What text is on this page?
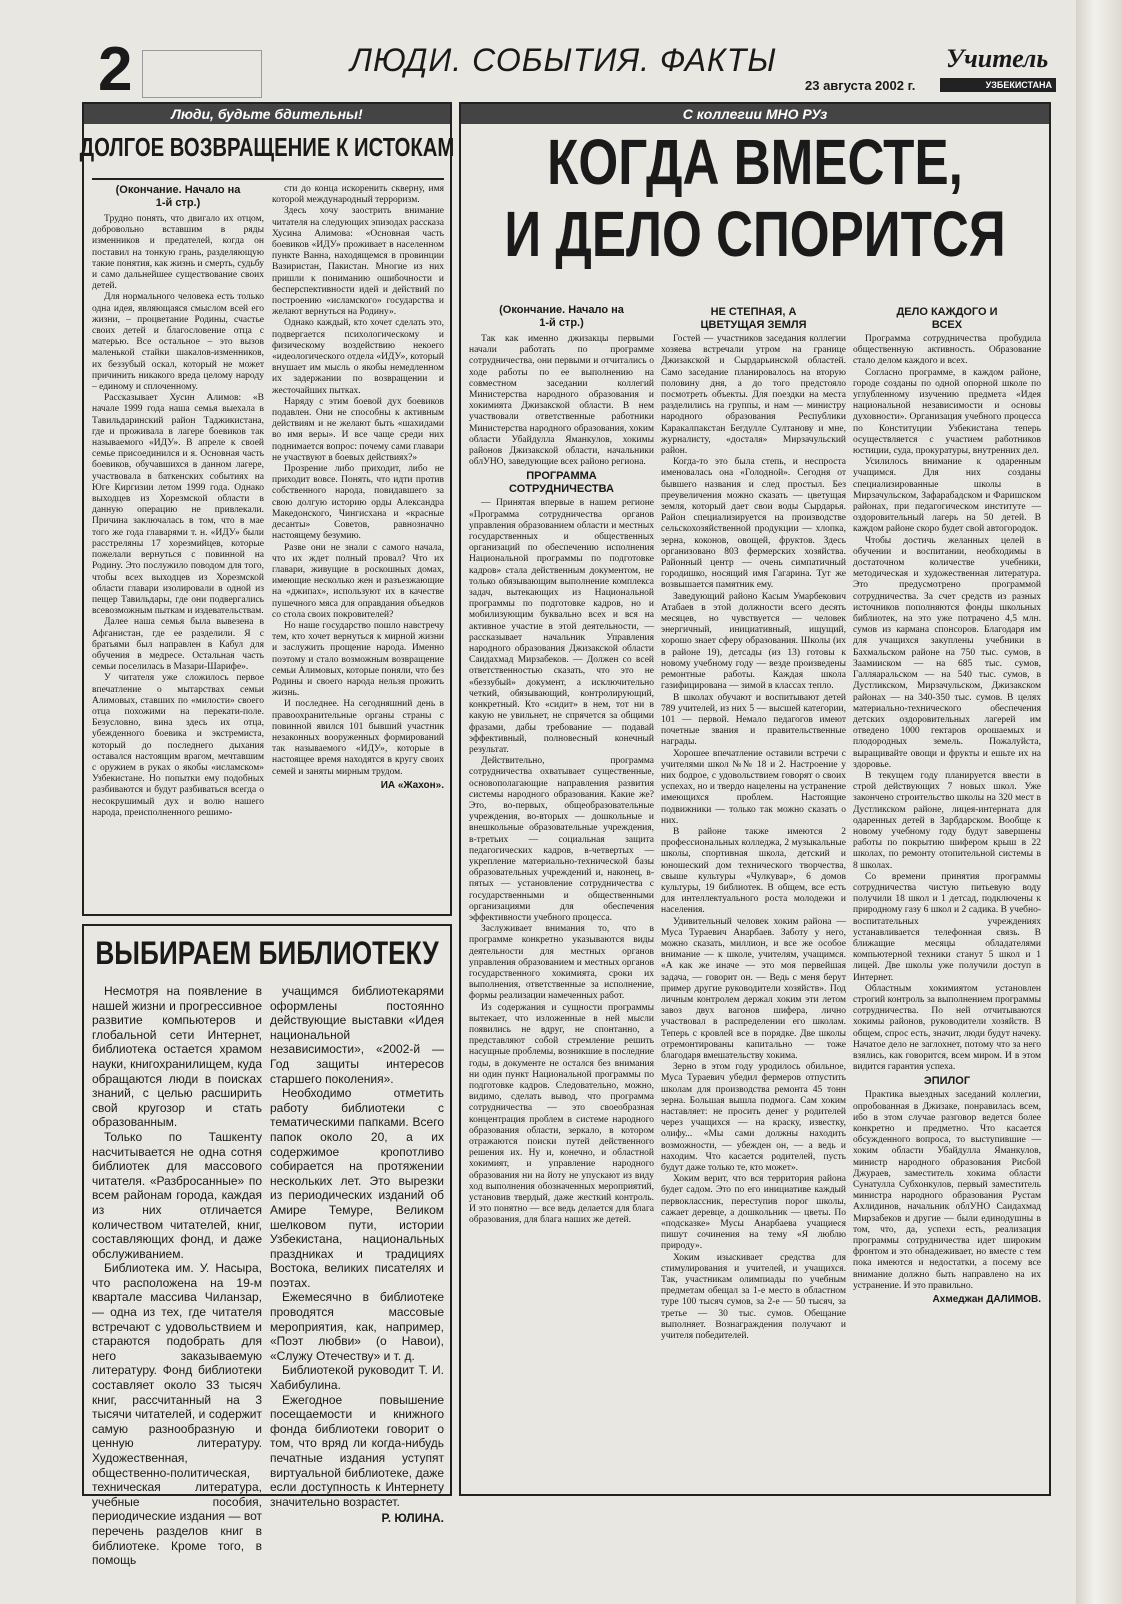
2	ЛЮДИ. СОБЫТИЯ. ФАКТЫ
23 августа 2002 г.
Учитель
УЗБЕКИСТАНА
Люди, будьте бдительны!
ДОЛГОЕ ВОЗВРАЩЕНИЕ К ИСТОКАМ
(Окончание. Начало на 1-й стр.)

Трудно понять, что двигало их отцом, добровольно вставшим в ряды изменников и предателей, когда он поставил на тонкую грань, разделяющую такие понятия, как жизнь и смерть, судьбу и само дальнейшее существование своих детей.

Для нормального человека есть только одна идея, являющаяся смыслом всей его жизни, – процветание Родины, счастье своих детей и благословение отца с матерью. Все остальное – это вызов маленькой стайки шакалов-изменников, их беззубый оскал, который не может причинить никакого вреда целому народу – единому и сплоченному.

Рассказывает Хусин Алимов: «В начале 1999 года наша семья выехала в Тавильдаринский район Таджикистана, где и проживала в лагере боевиков так называемого «ИДУ». В апреле к своей семье присоединился и я. Основная часть боевиков, обучавшихся в данном лагере, участвовала в баткенских событиях на Юге Киргизии летом 1999 года. Однако выходцев из Хорезмской области в данную операцию не привлекали. Причина заключалась в том, что в мае того же года главарями т. н. «ИДУ» были расстреляны 17 хорезмийцев, которые пожелали вернуться с повинной на Родину. Это послужило поводом для того, чтобы всех выходцев из Хорезмской области главари изолировали в одной из пещер Тавильдары, где они подвергались всевозможным пыткам и издевательствам.

Далее наша семья была вывезена в Афганистан, где ее разделили. Я с братьями был направлен в Кабул для обучения в медресе. Остальная часть семьи поселилась в Мазари-Шарифе».

У читателя уже сложилось первое впечатление о мытарствах семьи Алимовых, ставших по «милости» своего отца похожими на перекати-поле. Безусловно, вина здесь их отца, убежденного боевика и экстремиста, который до последнего дыхания оставался настоящим врагом, мечтавшим с оружием в руках о якобы «исламском» Узбекистане. Но попытки ему подобных разбиваются и будут разбиваться всегда о несокрушимый дух и волю нашего народа, преисполненного решимо-

сти до конца искоренить скверну, имя которой международный терроризм.

Здесь хочу заострить внимание читателя на следующих эпизодах рассказа Хусина Алимова: «Основная часть боевиков «ИДУ» проживает в населенном пункте Ванна, находящемся в провинции Вазиристан, Пакистан. Многие из них пришли к пониманию ошибочности и бесперспективности идей и действий по построению «исламского» государства и желают вернуться на Родину».

Однако каждый, кто хочет сделать это, подвергается психологическому и физическому воздействию некоего «идеологического отдела «ИДУ», который внушает им мысль о якобы немедленном их задержании по возвращении и жесточайших пытках.

Наряду с этим боевой дух боевиков подавлен. Они не способны к активным действиям и не желают быть «шахидами во имя веры». И все чаще среди них поднимается вопрос: почему сами главари не участвуют в боевых действиях?»

Прозрение либо приходит, либо не приходит вовсе. Понять, что идти против собственного народа, повидавшего за свою долгую историю орды Александра Македонского, Чингисхана и «красные десанты» Советов, равнозначно настоящему безумию.

Разве они не знали с самого начала, что их ждет полный провал? Что их главари, живущие в роскошных домах, имеющие несколько жен и разъезжающие на «джипах», используют их в качестве пушечного мяса для оправдания объедков со стола своих покровителей?

Но наше государство пошло навстречу тем, кто хочет вернуться к мирной жизни и заслужить прощение народа. Именно поэтому и стало возможным возвращение семьи Алимовых, которые поняли, что без Родины и своего народа нельзя прожить жизнь.

И последнее. На сегодняшний день в правоохранительные органы страны с повинной явился 101 бывший участник незаконных вооруженных формирований так называемого «ИДУ», которые в настоящее время находятся в кругу своих семей и заняты мирным трудом.

ИА «Жахон».
ВЫБИРАЕМ БИБЛИОТЕКУ

Несмотря на появление в нашей жизни и прогрессивное развитие компьютеров и глобальной сети Интернет, библиотека остается храмом науки, книгохранилищем, куда обращаются люди в поисках знаний, с целью расширить свой кругозор и стать образованным.

Только по Ташкенту насчитывается не одна сотня библиотек для массового читателя. «Разбросанные» по всем районам города, каждая из них отличается количеством читателей, книг, составляющих фонд, и даже обслуживанием.

Библиотека им. У. Насыра, что расположена на 19-м квартале массива Чиланзар, — одна из тех, где читателя встречают с удовольствием и стараются подобрать для него заказываемую литературу. Фонд библиотеки составляет около 33 тысяч книг, рассчитанный на 3 тысячи читателей, и содержит самую разнообразную и ценную литературу. Художественная, общественно-политическая, техническая литература, учебные пособия, периодические издания — вот перечень разделов книг в библиотеке. Кроме того, в помощь

учащимся библиотекарями оформлены постоянно действующие выставки «Идея национальной независимости», «2002-й — Год защиты интересов старшего поколения».

Необходимо отметить работу библиотеки с тематическими папками. Всего папок около 20, а их содержимое кропотливо собирается на протяжении нескольких лет. Это вырезки из периодических изданий об Амире Темуре, Великом шелковом пути, истории Узбекистана, национальных праздниках и традициях Востока, великих писателях и поэтах.

Ежемесячно в библиотеке проводятся массовые мероприятия, как, например, «Поэт любви» (о Навои), «Служу Отечеству» и т. д.

Библиотекой руководит Т. И. Хабибулина.

Ежегодное повышение посещаемости и книжного фонда библиотеки говорит о том, что вряд ли когда-нибудь печатные издания уступят виртуальной библиотеке, даже если доступность к Интернету значительно возрастет.

Р. ЮЛИНА.
С коллегии МНО РУз
КОГДА ВМЕСТЕ,
И ДЕЛО СПОРИТСЯ
(Окончание. Начало на 1-й стр.)

Так как именно джизакцы первыми начали работать по программе сотрудничества, они первыми и отчитались о ходе работы по ее выполнению на совместном заседании коллегий Министерства народного образования и хокимията Джизакской области. В нем участвовали ответственные работники Министерства народного образования, хоким области Убайдулла Яманкулов, хокимы районов Джизакской области, начальники облУНО, заведующие всех районо региона.

ПРОГРАММА СОТРУДНИЧЕСТВА

— Принятая впервые в нашем регионе «Программа сотрудничества органов управления образованием области и местных государственных и общественных организаций по обеспечению исполнения Национальной программы по подготовке кадров» стала действенным документом, не только обязывающим выполнение комплекса задач, вытекающих из Национальной программы по подготовке кадров, но и мобилизующим буквально всех и вся на активное участие в этой деятельности, — рассказывает начальник Управления народного образования Джизакской области Саидахмад Мирзабеков. — Должен со всей ответственностью сказать, что это не «беззубый» документ, а исключительно четкий, обязывающий, контролирующий, конкретный. Кто «сидит» в нем, тот ни в какую не увильнет, не спрячется за общими фразами, дабы требование — подавай эффективный, полновесный конечный результат.

Действительно, программа сотрудничества охватывает существенные, основополагающие направления развития системы народного образования. Какие же? Это, во-первых, общеобразовательные учреждения, во-вторых — дошкольные и внешкольные образовательные учреждения, в-третьих — социальная защита педагогических кадров, в-четвертых — укрепление материально-технической базы образовательных учреждений и, наконец, в-пятых — установление сотрудничества с государственными и общественными организациями для обеспечения эффективности учебного процесса.

Заслуживает внимания то, что в программе конкретно указываются виды деятельности для местных органов управления образованием и местных органов государственного хокимията, сроки их выполнения, ответственные за исполнение, формы реализации намеченных работ.

Из содержания и сущности программы вытекает, что изложенные в ней мысли появились не вдруг, не спонтанно, а представляют собой стремление решить насущные проблемы, возникшие в последние годы, в документе не остался без внимания ни один пункт Национальной программы по подготовке кадров. Следовательно, можно, видимо, сделать вывод, что программа сотрудничества — это своеобразная концентрация проблем в системе народного образования области, зеркало, в котором отражаются поиски путей действенного решения их. Ну и, конечно, и областной хокимият, и управление народного образования ни на йоту не упускают из виду ход выполнения обозначенных мероприятий, установив твердый, даже жесткий контроль. И это понятно — все ведь делается для блага образования, для блага наших же детей.

НЕ СТЕПНАЯ, А ЦВЕТУЩАЯ ЗЕМЛЯ

Гостей — участников заседания коллегии хозяева встречали утром на границе Джизакской и Сырдарьинской областей. Само заседание планировалось на вторую половину дня, а до того предстояло посмотреть объекты. Для поездки на места разделились на группы, и нам — министру народного образования Республики Каракалпакстан Бегдулле Султанову и мне, журналисту, «досталя» Мирзачульский район.

Когда-то это была степь, и неспроста именовалась она «Голодной». Сегодня от бывшего названия и след простыл. Без преувеличения можно сказать — цветущая земля, который дает свои воды Сырдарья. Район специализируется на производстве сельскохозяйственной продукции — хлопка, зерна, коконов, овощей, фруктов. Здесь организовано 803 фермерских хозяйства. Районный центр — очень симпатичный городишко, носящий имя Гагарина. Тут же возвышается памятник ему.

Заведующий районо Касым Умарбекович Атабаев в этой должности всего десять месяцев, но чувствуется — человек энергичный, инициативный, ищущий, хорошо знает сферу образования. Школы (их в районе 19), детсады (из 13) готовы к новому учебному году — везде произведены ремонтные работы. Каждая школа газифицирована — зимой в классах тепло.

В школах обучают и воспитывают детей 789 учителей, из них 5 — высшей категории, 101 — первой. Немало педагогов имеют почетные звания и правительственные награды.

Хорошее впечатление оставили встречи с учителями школ №№ 18 и 2. Настроение у них бодрое, с удовольствием говорят о своих успехах, но и твердо нацелены на устранение имеющихся проблем. Настоящие подвижники — только так можно сказать о них.

В районе также имеются 2 профессиональных колледжа, 2 музыкальные школы, спортивная школа, детский и юношеский дом технического творчества, свыше культуры «Чулкувар», 6 домов культуры, 19 библиотек. В общем, все есть для интеллектуального роста молодежи и населения.

Удивительный человек хоким района — Муса Тураевич Анарбаев. Заботу у него, можно сказать, миллион, и все же особое внимание — к школе, учителям, учащимся. «А как же иначе — это моя первейшая задача, — говорит он. — Ведь с меня берут пример другие руководители хозяйств». Под личным контролем держал хоким эти летом завоз двух вагонов шифера, лично участвовал в распределении его школам. Теперь с кровлей все в порядке. Две школы отремонтированы капитально — тоже благодаря вмешательству хокима.

Зерно в этом году уродилось обильное, Муса Тураевич убедил фермеров отпустить школам для производства ремонта 45 тонн зерна. Большая вышла подмога. Сам хоким наставляет: не просить денег у родителей через учащихся — на краску, известку, олифу... «Мы сами должны находить возможности, — убежден он, — а ведь и находим. Что касается родителей, пусть будут даже только те, кто может».

Хоким верит, что вся территория района будет садом. Это по его инициативе каждый первоклассник, переступив порог школы, сажает деревце, а дошкольник — цветы. По «подсказке» Мусы Анарбаева учащиеся пишут сочинения на тему «Я люблю природу».

Хоким изыскивает средства для стимулирования и учителей, и учащихся. Так, участникам олимпиады по учебным предметам обещал за 1-е место в областном туре 100 тысяч сумов, за 2-е — 50 тысяч, за третье — 30 тыс. сумов. Обещание выполняет. Вознаграждения получают и учителя победителей.

ДЕЛО КАЖДОГО И ВСЕХ

Программа сотрудничества пробудила общественную активность. Образование стало делом каждого и всех.

Согласно программе, в каждом районе, городе созданы по одной опорной школе по углубленному изучению предмета «Идея национальной независимости и основы духовности». Организация учебного процесса по Конституции Узбекистана теперь осуществляется с участием работников юстиции, суда, прокуратуры, внутренних дел.

Усилилось внимание к одаренным учащимся. Для них созданы специализированные школы в Мирзачульском, Зафарабадском и Фаришском районах, при педагогическом институте — оздоровительный лагерь на 50 детей. В каждом районе скоро будет свой автогородок.

Чтобы достичь желанных целей в обучении и воспитании, необходимы в достаточном количестве учебники, методическая и художественная литература. Это предусмотрено программой сотрудничества. За счет средств из разных источников пополняются фонды школьных библиотек, на это уже потрачено 4,5 млн. сумов из кармана спонсоров. Благодаря им для учащихся закуплены учебники в Бахмальском районе на 750 тыс. сумов, в Заамииском — на 685 тыс. сумов, Галляаральском — на 540 тыс. сумов, в Дустликском, Мирзачульском, Джизакском районах — на 340-350 тыс. сумов. В целях материально-технического обеспечения детских оздоровительных лагерей им отведено 1000 гектаров орошаемых и плодородных земель. Пожалуйста, выращивайте овощи и фрукты и ешьте их на здоровье.

В текущем году планируется ввести в строй действующих 7 новых школ. Уже закончено строительство школы на 320 мест в Дустликском районе, лицея-интерната для одаренных детей в Зарбдарском. Вообще к новому учебному году будут завершены работы по покрытию шифером крыш в 22 школах, по ремонту отопительной системы в 8 школах.

Со времени принятия программы сотрудничества чистую питьевую воду получили 18 школ и 1 детсад, подключены к природному газу 6 школ и 2 садика. В учебно-воспитательных учреждениях устанавливается телефонная связь. В ближащие месяцы обладателями компьютерной техники станут 5 школ и 1 лицей. Две школы уже получили доступ в Интернет.

Областным хокимиятом установлен строгий контроль за выполнением программы сотрудничества. По ней отчитываются хокимы районов, руководители хозяйств. В общем, спрос есть, значит, люди будут начеку. Начатое дело не заглохнет, потому что за него взялись, как говорится, всем миром. И в этом видится гарантия успеха.

ЭПИЛОГ

Практика выездных заседаний коллегии, опробованная в Джизаке, понравилась всем, ибо в этом случае разговор ведется более конкретно и предметно. Что касается обсужденного вопроса, то выступившие — хоким области Убайдулла Яманкулов, министр народного образования Рисбой Джураев, заместитель хокима области Сунатулла Субхонкулов, первый заместитель министра народного образования Рустам Ахлидинов, начальник облУНО Саидахмад Мирзабеков и другие — были единодушны в том, что, да, успехи есть, реализация программы сотрудничества идет широким фронтом и это обнадеживает, но вместе с тем пока имеются и недостатки, а посему все внимание должно быть направлено на их устранение. И это правильно.

Ахмеджан ДАЛИМОВ.
